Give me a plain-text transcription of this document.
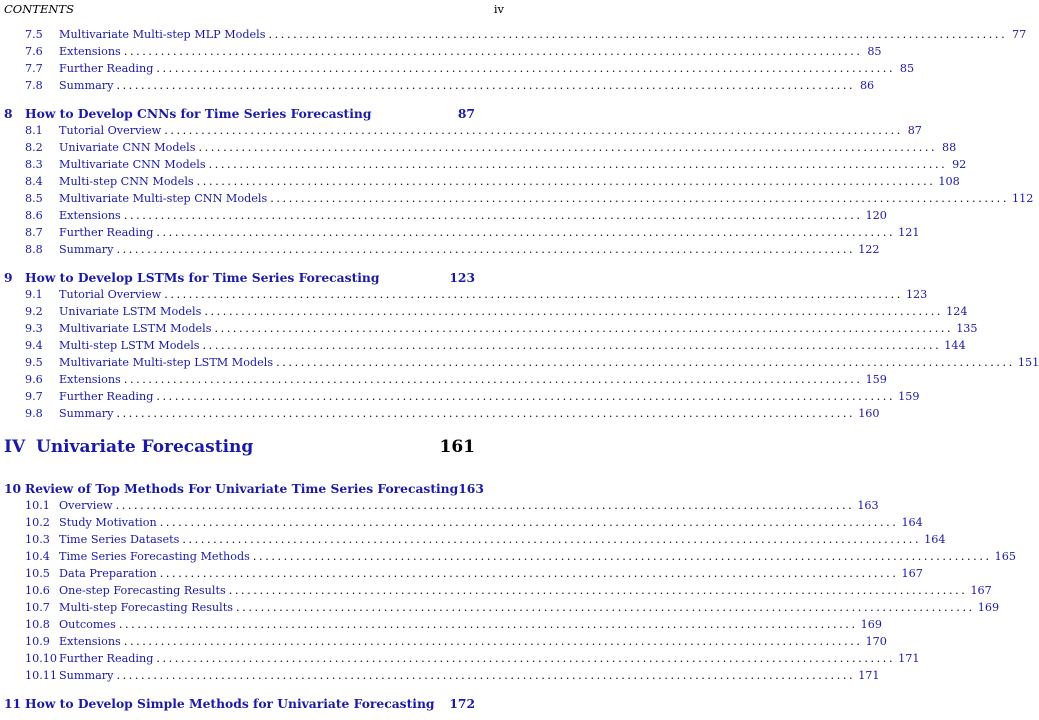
CONTENTS	iv
7.5	Multivariate Multi-step MLP Models ........................................................................................................................ 77
7.6	Extensions ........................................................................................................................ 85
7.7	Further Reading ........................................................................................................................ 85
7.8	Summary ........................................................................................................................ 86
8	How to Develop CNNs for Time Series Forecasting	87
8.1	Tutorial Overview ........................................................................................................................ 87
8.2	Univariate CNN Models ........................................................................................................................ 88
8.3	Multivariate CNN Models ........................................................................................................................ 92
8.4	Multi-step CNN Models ........................................................................................................................ 108
8.5	Multivariate Multi-step CNN Models ........................................................................................................................ 112
8.6	Extensions ........................................................................................................................ 120
8.7	Further Reading ........................................................................................................................ 121
8.8	Summary ........................................................................................................................ 122
9	How to Develop LSTMs for Time Series Forecasting	123
9.1	Tutorial Overview ........................................................................................................................ 123
9.2	Univariate LSTM Models ........................................................................................................................ 124
9.3	Multivariate LSTM Models ........................................................................................................................ 135
9.4	Multi-step LSTM Models ........................................................................................................................ 144
9.5	Multivariate Multi-step LSTM Models ........................................................................................................................ 151
9.6	Extensions ........................................................................................................................ 159
9.7	Further Reading ........................................................................................................................ 159
9.8	Summary ........................................................................................................................ 160
IV Univariate Forecasting	161
10 Review of Top Methods For Univariate Time Series Forecasting 163
10.1 Overview ........................................................................................................................ 163
10.2 Study Motivation ........................................................................................................................ 164
10.3 Time Series Datasets ........................................................................................................................ 164
10.4 Time Series Forecasting Methods ........................................................................................................................ 165
10.5 Data Preparation ........................................................................................................................ 167
10.6 One-step Forecasting Results ........................................................................................................................ 167
10.7 Multi-step Forecasting Results ........................................................................................................................ 169
10.8 Outcomes ........................................................................................................................ 169
10.9 Extensions ........................................................................................................................ 170
10.10 Further Reading ........................................................................................................................ 171
10.11 Summary ........................................................................................................................ 171
11 How to Develop Simple Methods for Univariate Forecasting	172
